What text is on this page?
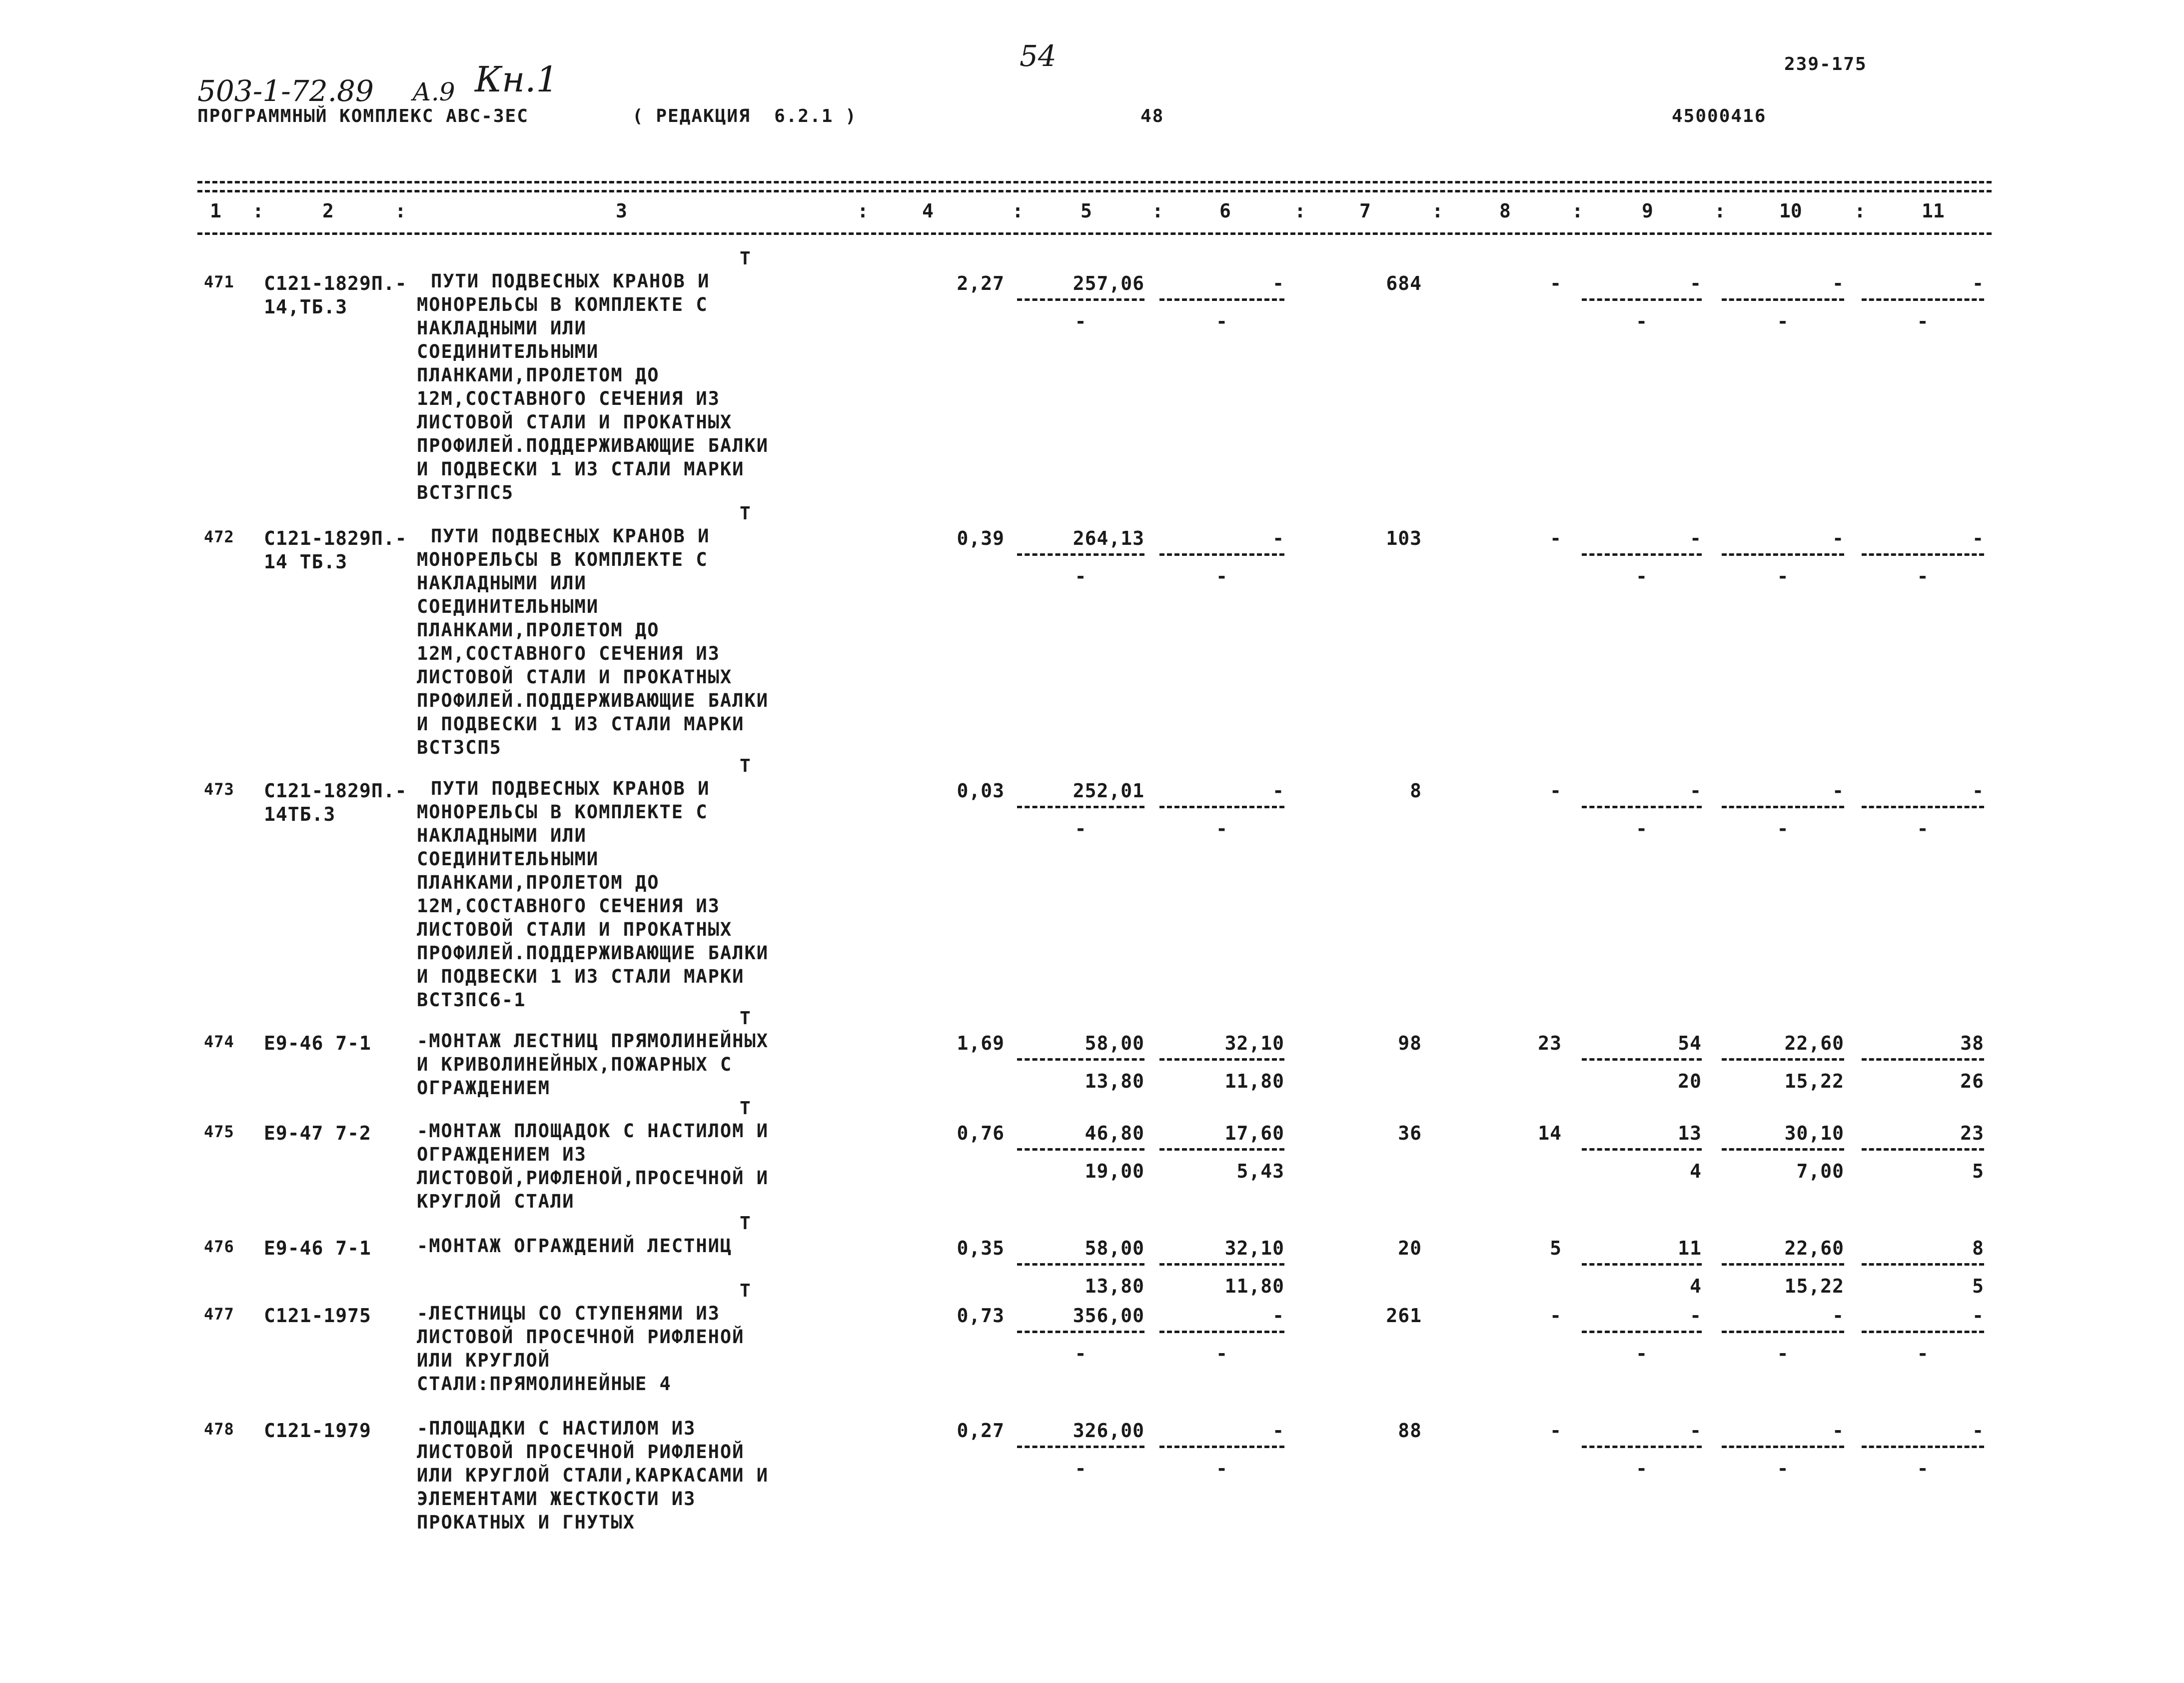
54
503-1-72.89 А.9 Кн.1	239-175
ПРОГРАММНЫЙ КОМПЛЕКС АВС-3ЕС	( РЕДАКЦИЯ  6.2.1 )	48	45000416
1 :	2	:	3	:	4	:	5	:	6	:	7	:	8	:	9	:	10	:	11
Т
471 С121-1829П.-
14,ТБ.3
ПУТИ ПОДВЕСНЫХ КРАНОВ И
МОНОРЕЛЬСЫ В КОМПЛЕКТЕ С
НАКЛАДНЫМИ ИЛИ
СОЕДИНИТЕЛЬНЫМИ
ПЛАНКАМИ,ПРОЛЕТОМ ДО
12М,СОСТАВНОГО СЕЧЕНИЯ ИЗ
ЛИСТОВОЙ СТАЛИ И ПРОКАТНЫХ
ПРОФИЛЕЙ.ПОДДЕРЖИВАЮЩИЕ БАЛКИ
И ПОДВЕСКИ 1 ИЗ СТАЛИ МАРКИ
ВСТ3ГПС5
2,27	257,06	-	684	-	-	-	-
-	-	-	-	-
Т
472 С121-1829П.-
14 ТБ.3
ПУТИ ПОДВЕСНЫХ КРАНОВ И
МОНОРЕЛЬСЫ В КОМПЛЕКТЕ С
НАКЛАДНЫМИ ИЛИ
СОЕДИНИТЕЛЬНЫМИ
ПЛАНКАМИ,ПРОЛЕТОМ ДО
12М,СОСТАВНОГО СЕЧЕНИЯ ИЗ
ЛИСТОВОЙ СТАЛИ И ПРОКАТНЫХ
ПРОФИЛЕЙ.ПОДДЕРЖИВАЮЩИЕ БАЛКИ
И ПОДВЕСКИ 1 ИЗ СТАЛИ МАРКИ
ВСТ3СП5
0,39	264,13	-	103	-	-	-	-
-	-	-	-	-
Т
473 С121-1829П.-
14ТБ.3
ПУТИ ПОДВЕСНЫХ КРАНОВ И
МОНОРЕЛЬСЫ В КОМПЛЕКТЕ С
НАКЛАДНЫМИ ИЛИ
СОЕДИНИТЕЛЬНЫМИ
ПЛАНКАМИ,ПРОЛЕТОМ ДО
12М,СОСТАВНОГО СЕЧЕНИЯ ИЗ
ЛИСТОВОЙ СТАЛИ И ПРОКАТНЫХ
ПРОФИЛЕЙ.ПОДДЕРЖИВАЮЩИЕ БАЛКИ
И ПОДВЕСКИ 1 ИЗ СТАЛИ МАРКИ
ВСТ3ПС6-1
0,03	252,01	-	8	-	-	-	-
-	-	-	-	-
Т
474 Е9-46 7-1 -МОНТАЖ ЛЕСТНИЦ ПРЯМОЛИНЕЙНЫХ
И КРИВОЛИНЕЙНЫХ,ПОЖАРНЫХ С
ОГРАЖДЕНИЕМ
1,69	58,00	32,10	98	23	54	22,60	38
13,80	11,80	20	15,22	26
Т
475 Е9-47 7-2 -МОНТАЖ ПЛОЩАДОК С НАСТИЛОМ И
ОГРАЖДЕНИЕМ ИЗ
ЛИСТОВОЙ,РИФЛЕНОЙ,ПРОСЕЧНОЙ И
КРУГЛОЙ СТАЛИ
0,76	46,80	17,60	36	14	13	30,10	23
19,00	5,43	4	7,00	5
Т
476 Е9-46 7-1 -МОНТАЖ ОГРАЖДЕНИЙ ЛЕСТНИЦ	0,35	58,00	32,10	20	5	11	22,60	8
13,80	11,80	4	15,22	5
Т
477 С121-1975 -ЛЕСТНИЦЫ СО СТУПЕНЯМИ ИЗ
ЛИСТОВОЙ ПРОСЕЧНОЙ РИФЛЕНОЙ
ИЛИ КРУГЛОЙ
СТАЛИ:ПРЯМОЛИНЕЙНЫЕ 4
0,73	356,00	-	261	-	-	-	-
-	-	-	-	-
478 С121-1979 -ПЛОЩАДКИ С НАСТИЛОМ ИЗ
ЛИСТОВОЙ ПРОСЕЧНОЙ РИФЛЕНОЙ
ИЛИ КРУГЛОЙ СТАЛИ,КАРКАСАМИ И
ЭЛЕМЕНТАМИ ЖЕСТКОСТИ ИЗ
ПРОКАТНЫХ И ГНУТЫХ
0,27	326,00	-	88	-	-	-	-
-	-	-	-	-
